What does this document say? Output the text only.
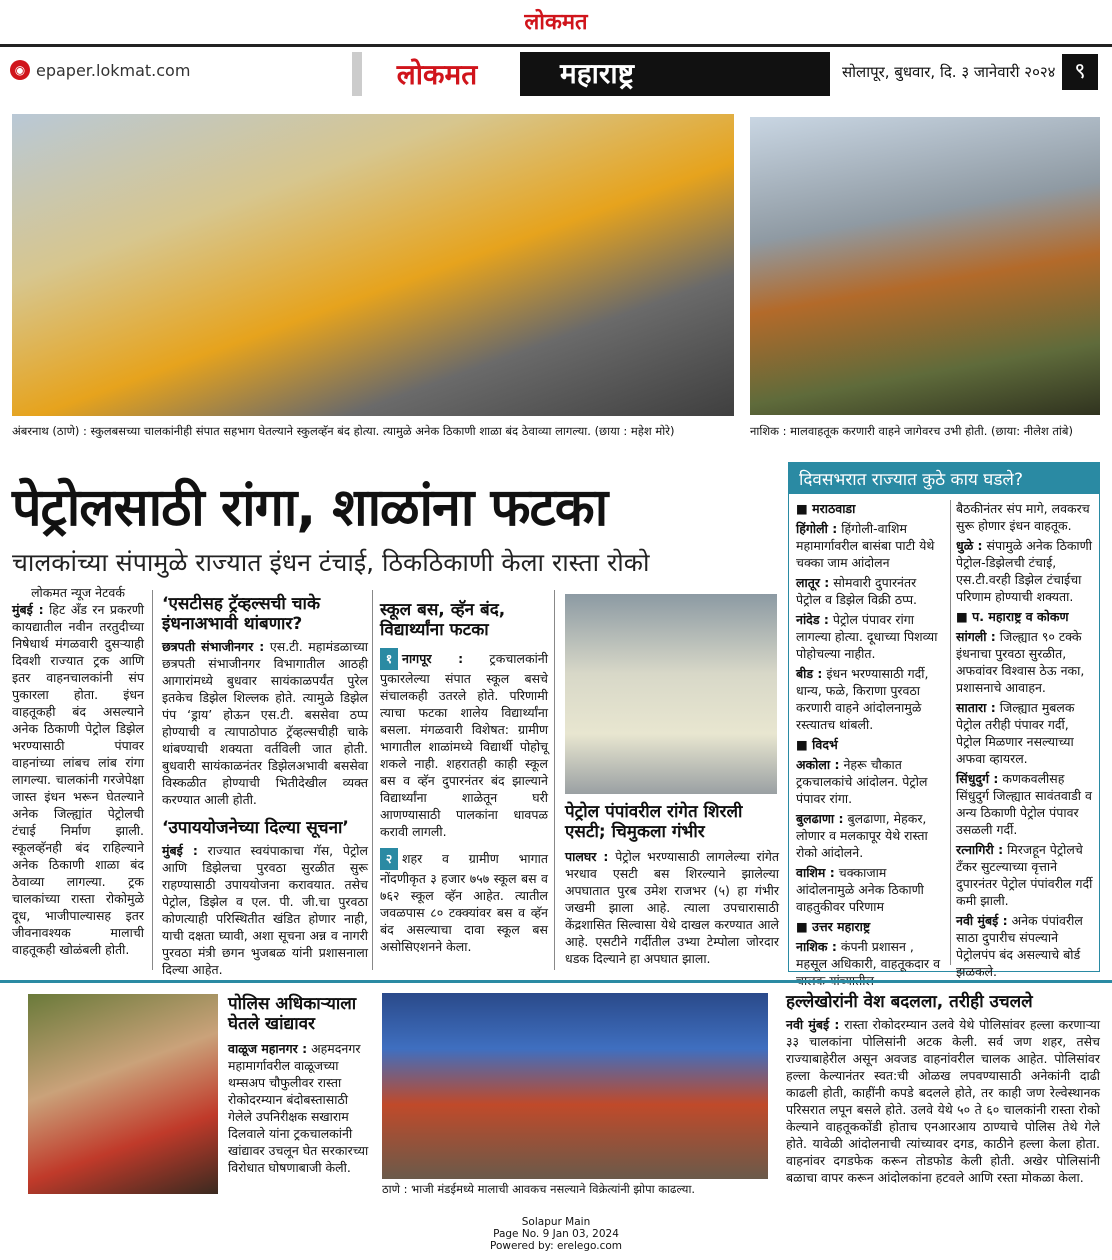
लोकमत
◉ epaper.lokmat.com	लोकमत	महाराष्ट्र	सोलापूर, बुधवार, दि. ३ जानेवारी २०२४ ९
अंबरनाथ (ठाणे) : स्कुलबसच्या चालकांनीही संपात सहभाग घेतल्याने स्कुलव्हॅन बंद होत्या. त्यामुळे अनेक ठिकाणी शाळा बंद ठेवाव्या लागल्या. (छाया : महेश मोरे)	नाशिक : मालवाहतूक करणारी वाहने जागेवरच उभी होती. (छाया: नीलेश तांबे)
पेट्रोलसाठी रांगा, शाळांना फटका
चालकांच्या संपामुळे राज्यात इंधन टंचाई, ठिकठिकाणी केला रास्ता रोको
लोकमत न्यूज नेटवर्क
मुंबई : हिट अँड रन प्रकरणी कायद्यातील नवीन तरतुदीच्या निषेधार्थ मंगळवारी दुसऱ्याही दिवशी राज्यात ट्रक आणि इतर वाहनचालकांनी संप पुकारला होता. इंधन वाहतूकही बंद असल्याने अनेक ठिकाणी पेट्रोल डिझेल भरण्यासाठी पंपावर वाहनांच्या लांबच लांब रांगा लागल्या. चालकांनी गरजेपेक्षा जास्त इंधन भरून घेतल्याने अनेक जिल्ह्यांत पेट्रोलची टंचाई निर्माण झाली. स्कूलव्हॅनही बंद राहिल्याने अनेक ठिकाणी शाळा बंद ठेवाव्या लागल्या. ट्रक चालकांच्या रास्ता रोकोमुळे दूध, भाजीपाल्यासह इतर जीवनावश्यक मालाची वाहतूकही खोळंबली होती.
‘एसटीसह ट्रॅव्हल्सची चाके इंधनाअभावी थांबणार?
छत्रपती संभाजीनगर : एस.टी. महामंडळाच्या छत्रपती संभाजीनगर विभागातील आठही आगारांमध्ये बुधवार सायंकाळपर्यंत पुरेल इतकेच डिझेल शिल्लक होते. त्यामुळे डिझेल पंप ‘ड्राय’ होऊन एस.टी. बससेवा ठप्प होण्याची व त्यापाठोपाठ ट्रॅव्हल्सचीही चाके थांबण्याची शक्यता वर्तविली जात होती. बुधवारी सायंकाळनंतर डिझेलअभावी बससेवा विस्कळीत होण्याची भितीदेखील व्यक्त करण्यात आली होती.
‘उपाययोजनेच्या दिल्या सूचना’
मुंबई : राज्यात स्वयंपाकाचा गॅस, पेट्रोल आणि डिझेलचा पुरवठा सुरळीत सुरू राहण्यासाठी उपाययोजना करावयात. तसेच पेट्रोल, डिझेल व एल. पी. जी.चा पुरवठा कोणत्याही परिस्थितीत खंडित होणार नाही, याची दक्षता घ्यावी, अशा सूचना अन्न व नागरी पुरवठा मंत्री छगन भुजबळ यांनी प्रशासनाला दिल्या आहेत.
स्कूल बस, व्हॅन बंद, विद्यार्थ्यांना फटका
१ नागपूर : ट्रकचालकांनी पुकारलेल्या संपात स्कूल बसचे संचालकही उतरले होते. परिणामी त्याचा फटका शालेय विद्यार्थ्यांना बसला. मंगळवारी विशेषत: ग्रामीण भागातील शाळांमध्ये विद्यार्थी पोहोचू शकले नाही. शहरातही काही स्कूल बस व व्हॅन दुपारनंतर बंद झाल्याने विद्यार्थ्यांना शाळेतून घरी आणण्यासाठी पालकांना धावपळ करावी लागली.
२ शहर व ग्रामीण भागात नोंदणीकृत ३ हजार ७५७ स्कूल बस व ७६२ स्कूल व्हॅन आहेत. त्यातील जवळपास ८० टक्क्यांवर बस व व्हॅन बंद असल्याचा दावा स्कूल बस असोसिएशनने केला.
पेट्रोल पंपांवरील रांगेत शिरली एसटी; चिमुकला गंभीर
पालघर : पेट्रोल भरण्यासाठी लागलेल्या रांगेत भरधाव एसटी बस शिरल्याने झालेल्या अपघातात पुरब उमेश राजभर (५) हा गंभीर जखमी झाला आहे. त्याला उपचारासाठी केंद्रशासित सिल्वासा येथे दाखल करण्यात आले आहे. एसटीने गर्दीतील उभ्या टेम्पोला जोरदार धडक दिल्याने हा अपघात झाला.
दिवसभरात राज्यात कुठे काय घडले?
■ मराठवाडा
हिंगोली : हिंगोली-वाशिम महामार्गावरील बासंबा पाटी येथे चक्का जाम आंदोलन
लातूर : सोमवारी दुपारनंतर पेट्रोल व डिझेल विक्री ठप्प.
नांदेड : पेट्रोल पंपावर रांगा लागल्या होत्या. दूधाच्या पिशव्या पोहोचल्या नाहीत.
बीड : इंधन भरण्यासाठी गर्दी, धान्य, फळे, किराणा पुरवठा करणारी वाहने आंदोलनामुळे रस्त्यातच थांबली.
■ विदर्भ
अकोला : नेहरू चौकात ट्रकचालकांचे आंदोलन. पेट्रोल पंपावर रांगा.
बुलढाणा : बुलढाणा, मेहकर, लोणार व मलकापूर येथे रास्ता रोको आंदोलने.
वाशिम : चक्काजाम आंदोलनामुळे अनेक ठिकाणी वाहतुकीवर परिणाम
■ उत्तर महाराष्ट्र
नाशिक : कंपनी प्रशासन , महसूल अधिकारी, वाहतूकदार व
बैठकीनंतर संप मागे, लवकरच सुरू होणार इंधन वाहतूक.
धुळे : संपामुळे अनेक ठिकाणी पेट्रोल-डिझेलची टंचाई, एस.टी.वरही डिझेल टंचाईचा परिणाम होण्याची शक्यता.
■ प. महाराष्ट्र व कोकण
सांगली : जिल्ह्यात ९० टक्के इंधनाचा पुरवठा सुरळीत, अफवांवर विश्वास ठेऊ नका, प्रशासनाचे आवाहन.
सातारा : जिल्ह्यात मुबलक पेट्रोल तरीही पंपावर गर्दी, पेट्रोल मिळणार नसल्याच्या अफवा व्हायरल.
सिंधुदुर्ग : कणकवलीसह सिंधुदुर्ग जिल्ह्यात सावंतवाडी व अन्य ठिकाणी पेट्रोल पंपावर उसळली गर्दी.
रत्नागिरी : मिरजहून पेट्रोलचे टँकर सुटल्याच्या वृत्ताने दुपारनंतर पेट्रोल पंपांवरील गर्दी कमी झाली.
नवी मुंबई : अनेक पंपांवरील साठा दुपारीच संपल्याने पेट्रोलपंप बंद असल्याचे बोर्ड झळकले.
पोलिस अधिकाऱ्याला घेतले खांद्यावर
वाळूज महानगर : अहमदनगर महामार्गावरील वाळूजच्या थम्सअप चौफुलीवर रास्ता रोकोदरम्यान बंदोबस्तासाठी गेलेले उपनिरीक्षक सखाराम दिलवाले यांना ट्रकचालकांनी खांद्यावर उचलून घेत सरकारच्या विरोधात घोषणाबाजी केली.
ठाणे : भाजी मंडईमध्ये मालाची आवकच नसल्याने विक्रेत्यांनी झोपा काढल्या.
हल्लेखोरांनी वेश बदलला, तरीही उचलले
नवी मुंबई : रास्ता रोकोदरम्यान उलवे येथे पोलिसांवर हल्ला करणाऱ्या ३३ चालकांना पोलिसांनी अटक केली. सर्व जण शहर, तसेच राज्याबाहेरील असून अवजड वाहनांवरील चालक आहेत. पोलिसांवर हल्ला केल्यानंतर स्वत:ची ओळख लपवण्यासाठी अनेकांनी दाढी काढली होती, काहींनी कपडे बदलले होते, तर काही जण रेल्वेस्थानक परिसरात लपून बसले होते. उलवे येथे ५० ते ६० चालकांनी रास्ता रोको केल्याने वाहतूककोंडी होताच एनआरआय ठाण्याचे पोलिस तेथे गेले होते. यावेळी आंदोलनाची त्यांच्यावर दगड, काठीने हल्ला केला होता. वाहनांवर दगडफेक करून तोडफोड केली होती. अखेर पोलिसांनी बळाचा वापर करून आंदोलकांना हटवले आणि रस्ता मोकळा केला.
Solapur Main
Page No. 9 Jan 03, 2024
Powered by: erelego.com
